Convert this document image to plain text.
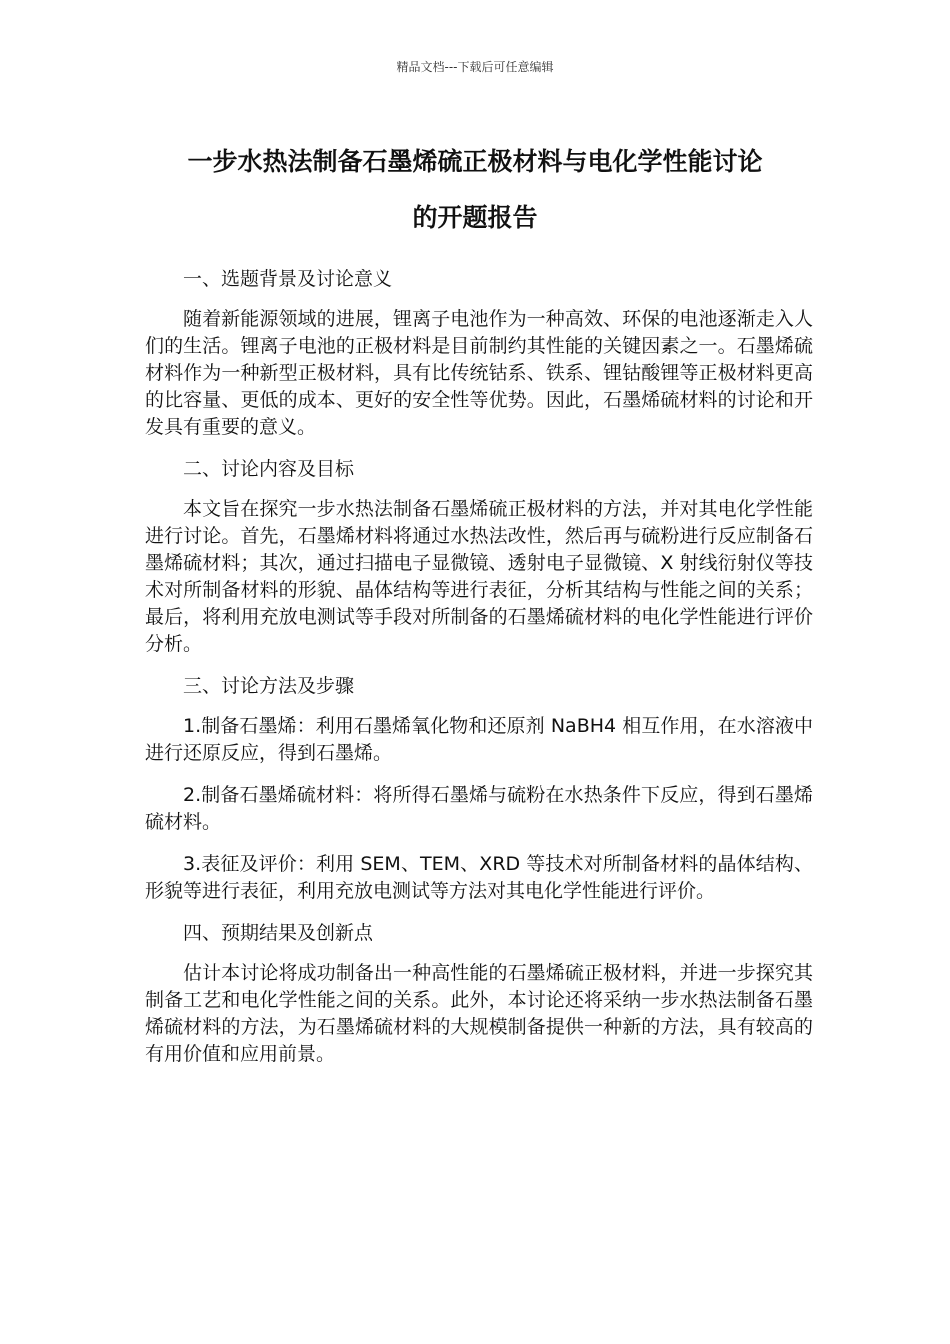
精品文档---下载后可任意编辑
一步水热法制备石墨烯硫正极材料与电化学性能讨论
的开题报告

一、选题背景及讨论意义

随着新能源领域的进展，锂离子电池作为一种高效、环保的电池逐渐走入人们的生活。锂离子电池的正极材料是目前制约其性能的关键因素之一。石墨烯硫材料作为一种新型正极材料，具有比传统钴系、铁系、锂钴酸锂等正极材料更高的比容量、更低的成本、更好的安全性等优势。因此，石墨烯硫材料的讨论和开发具有重要的意义。

二、讨论内容及目标

本文旨在探究一步水热法制备石墨烯硫正极材料的方法，并对其电化学性能进行讨论。首先，石墨烯材料将通过水热法改性，然后再与硫粉进行反应制备石墨烯硫材料；其次，通过扫描电子显微镜、透射电子显微镜、X 射线衍射仪等技术对所制备材料的形貌、晶体结构等进行表征，分析其结构与性能之间的关系；最后，将利用充放电测试等手段对所制备的石墨烯硫材料的电化学性能进行评价分析。

三、讨论方法及步骤

1.制备石墨烯：利用石墨烯氧化物和还原剂 NaBH4 相互作用，在水溶液中进行还原反应，得到石墨烯。

2.制备石墨烯硫材料：将所得石墨烯与硫粉在水热条件下反应，得到石墨烯硫材料。

3.表征及评价：利用 SEM、TEM、XRD 等技术对所制备材料的晶体结构、形貌等进行表征，利用充放电测试等方法对其电化学性能进行评价。

四、预期结果及创新点

估计本讨论将成功制备出一种高性能的石墨烯硫正极材料，并进一步探究其制备工艺和电化学性能之间的关系。此外，本讨论还将采纳一步水热法制备石墨烯硫材料的方法，为石墨烯硫材料的大规模制备提供一种新的方法，具有较高的有用价值和应用前景。
